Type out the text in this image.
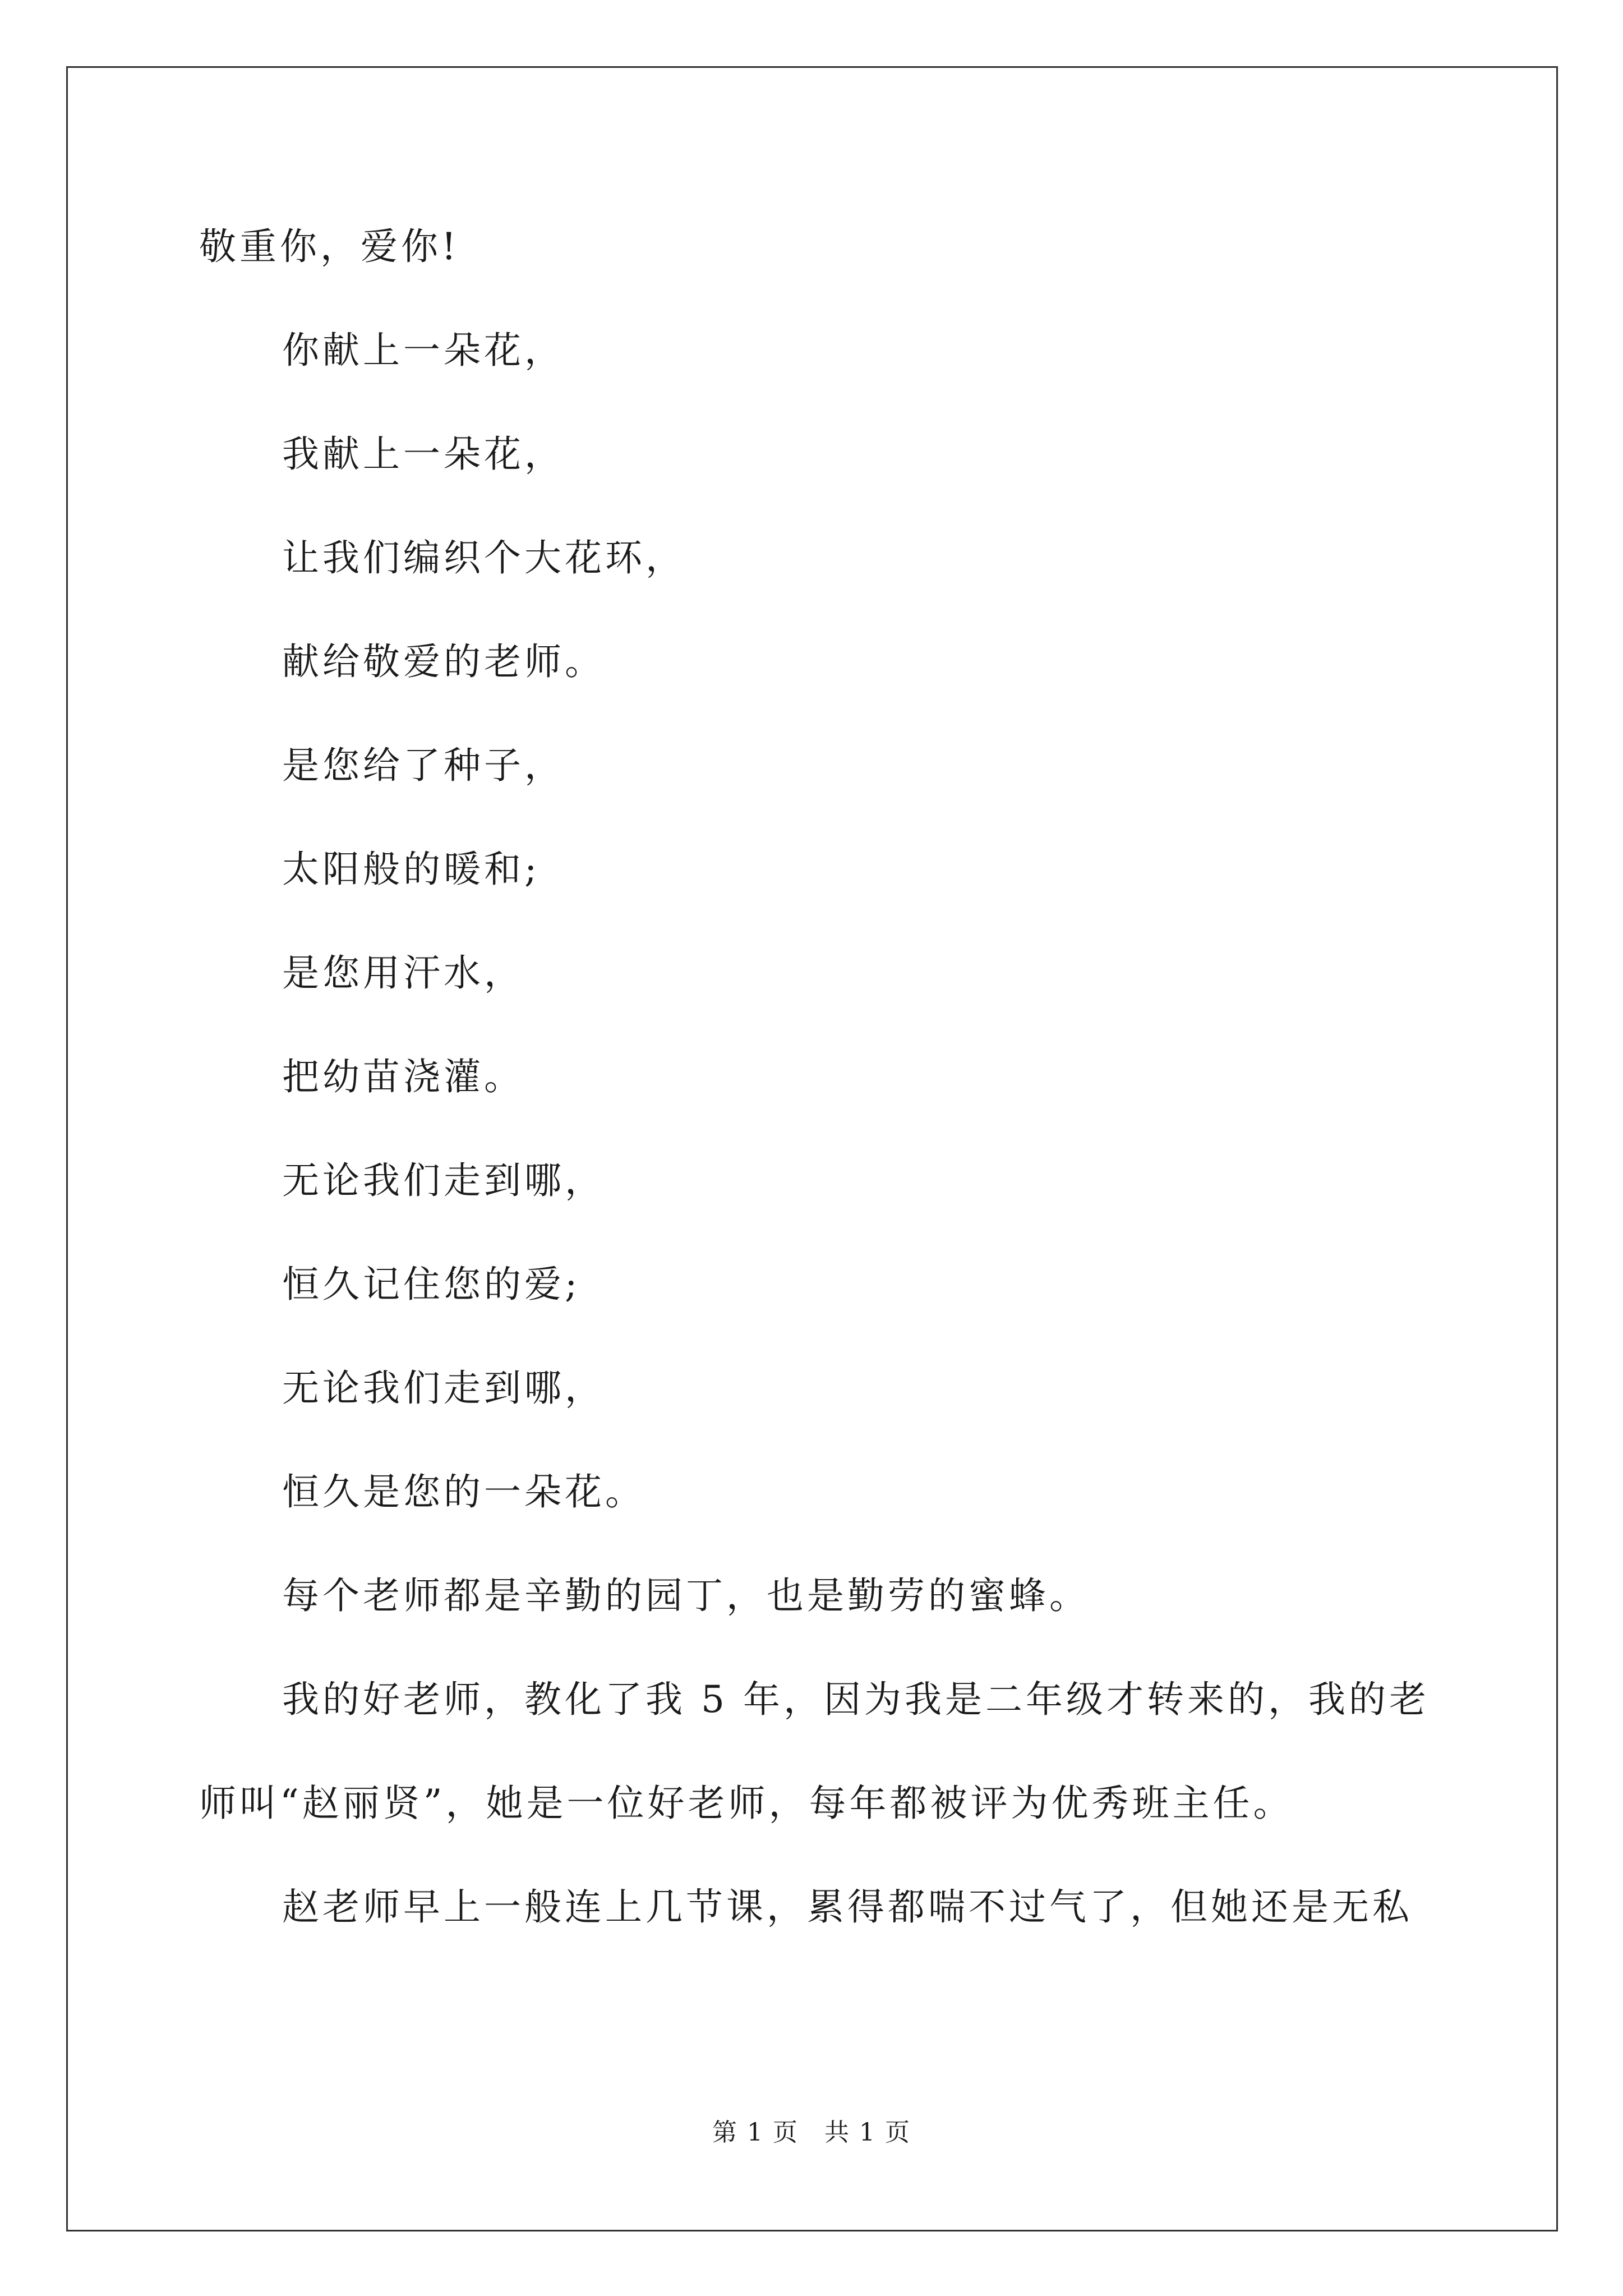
敬重你，爱你!
你献上一朵花，
我献上一朵花，
让我们编织个大花环，
献给敬爱的老师。
是您给了种子，
太阳般的暖和;
是您用汗水，
把幼苗浇灌。
无论我们走到哪，
恒久记住您的爱;
无论我们走到哪，
恒久是您的一朵花。
每个老师都是辛勤的园丁，也是勤劳的蜜蜂。
我的好老师，教化了我 5 年，因为我是二年级才转来的，我的老
师叫“赵丽贤”，她是一位好老师，每年都被评为优秀班主任。
赵老师早上一般连上几节课，累得都喘不过气了，但她还是无私
第 1 页　共 1 页
